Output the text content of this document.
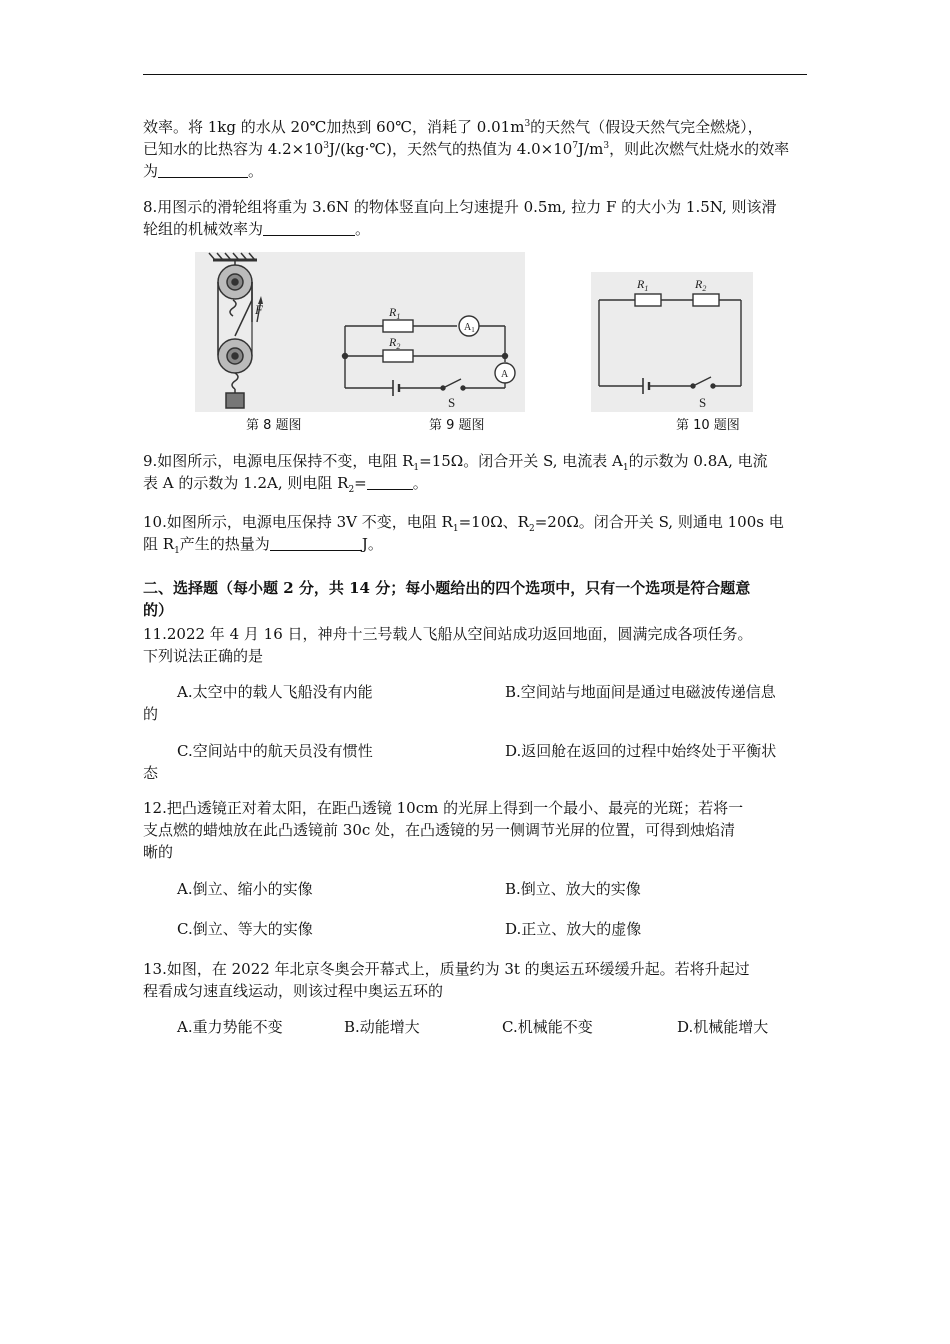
效率。将 1kg 的水从 20℃加热到 60℃，消耗了 $0.01m^3$的天然气（假设天然气完全燃烧），
已知水的比热容为 $4.2\times 10^3J/(kg\cdot℃)$，天然气的热值为 $4.0\times 10^7J/m^3$，则此次燃气灶烧水的效率
为	。
8.用图示的滑轮组将重为 3.6N 的物体竖直向上匀速提升 0.5m, 拉力 F 的大小为 1.5N, 则该滑
轮组的机械效率为	。
F	$R_1$
$R_2$
$A_1$
A
S
$R_1$	$R_2$
S
第 8 题图	第 9 题图	第 10 题图
9.如图所示，电源电压保持不变，电阻 $R_1=15\Omega$。闭合开关 S, 电流表 $A_1$的示数为 0.8A, 电流
表 A 的示数为 1.2A, 则电阻 $R_2=$	。
10.如图所示，电源电压保持 3V 不变，电阻 $R_1=10\Omega$、$R_2=20\Omega$。闭合开关 S, 则通电 100s 电
阻 $R_1$产生的热量为	J。
二、选择题（每小题 2 分，共 14 分；每小题给出的四个选项中，只有一个选项是符合题意
的）
11.2022 年 4 月 16 日，神舟十三号载人飞船从空间站成功返回地面，圆满完成各项任务。
下列说法正确的是
A.太空中的载人飞船没有内能	B.空间站与地面间是通过电磁波传递信息
的
C.空间站中的航天员没有惯性	D.返回舱在返回的过程中始终处于平衡状
态
12.把凸透镜正对着太阳，在距凸透镜 10cm 的光屏上得到一个最小、最亮的光斑；若将一
支点燃的蜡烛放在此凸透镜前 30c 处，在凸透镜的另一侧调节光屏的位置，可得到烛焰清
晰的
A.倒立、缩小的实像	B.倒立、放大的实像
C.倒立、等大的实像	D.正立、放大的虚像
13.如图，在 2022 年北京冬奥会开幕式上，质量约为 3t 的奥运五环缓缓升起。若将升起过
程看成匀速直线运动，则该过程中奥运五环的
A.重力势能不变	B.动能增大	C.机械能不变	D.机械能增大
